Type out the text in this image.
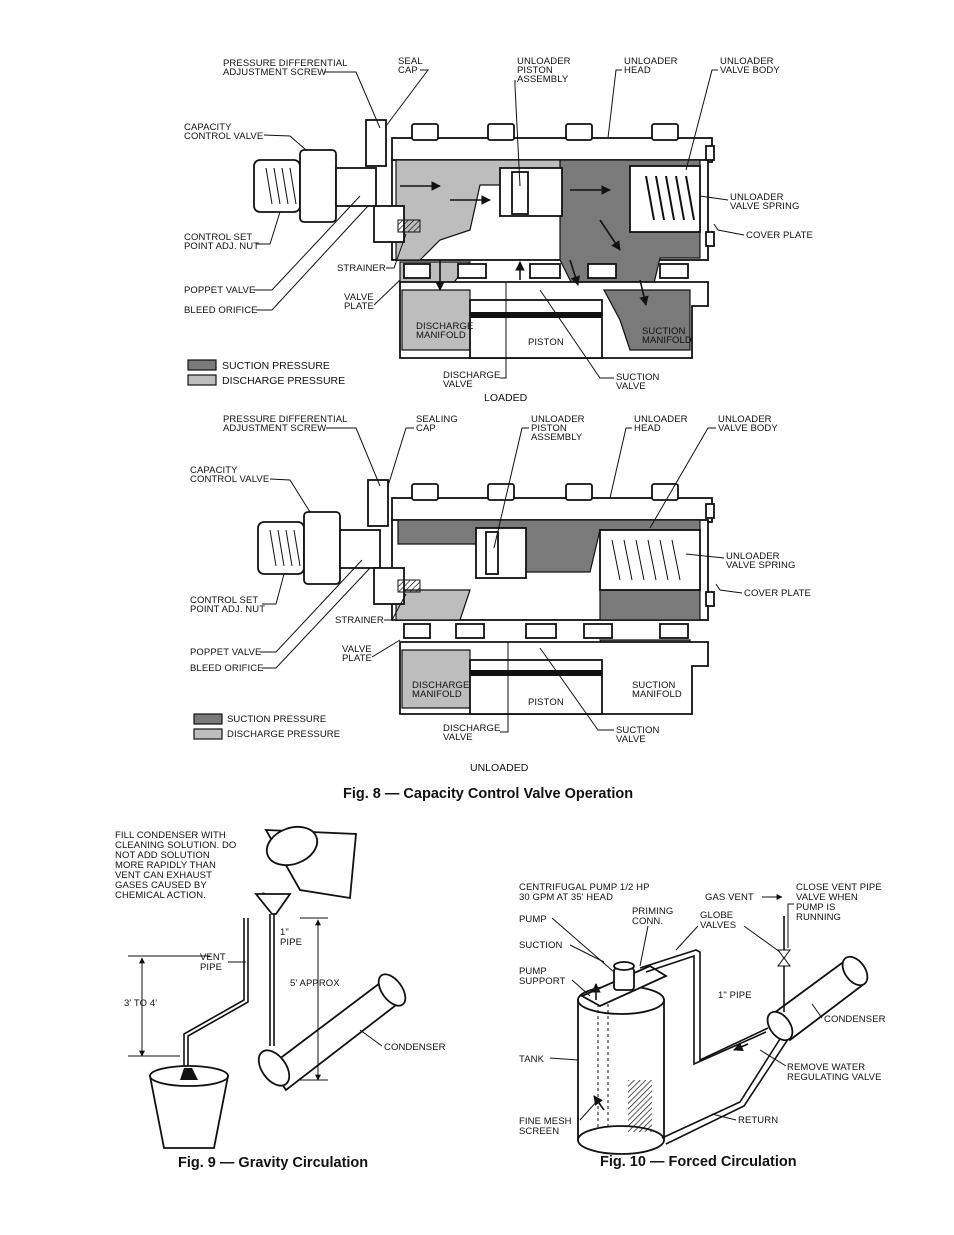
PRESSURE DIFFERENTIAL
ADJUSTMENT SCREW
SEAL
CAP
UNLOADER
PISTON
ASSEMBLY
UNLOADER
HEAD
UNLOADER
VALVE BODY
CAPACITY
CONTROL VALVE
UNLOADER
VALVE SPRING
COVER PLATE
CONTROL SET
POINT ADJ. NUT
STRAINER
POPPET VALVE
VALVE
PLATE
BLEED ORIFICE
DISCHARGE
MANIFOLD
PISTON
SUCTION
MANIFOLD
DISCHARGE
VALVE
SUCTION
VALVE
LOADED
SUCTION PRESSURE
DISCHARGE PRESSURE
PRESSURE DIFFERENTIAL
ADJUSTMENT SCREW
SEALING
CAP
UNLOADER
PISTON
ASSEMBLY
UNLOADER
HEAD
UNLOADER
VALVE BODY
CAPACITY
CONTROL VALVE
UNLOADER
VALVE SPRING
COVER PLATE
CONTROL SET
POINT ADJ. NUT
STRAINER
POPPET VALVE	VALVE
PLATE
BLEED ORIFICE
DISCHARGE
MANIFOLD
PISTON
SUCTION
MANIFOLD
DISCHARGE
VALVE
SUCTION
VALVE
UNLOADED
SUCTION PRESSURE
DISCHARGE PRESSURE
Fig. 8 — Capacity Control Valve Operation
FILL CONDENSER WITH
CLEANING SOLUTION. DO
NOT ADD SOLUTION
MORE RAPIDLY THAN
VENT CAN EXHAUST
GASES CAUSED BY
CHEMICAL ACTION.
1"
PIPE
VENT
PIPE
5' APPROX
3' TO 4'
CONDENSER
Fig. 9 — Gravity Circulation
CENTRIFUGAL PUMP 1/2 HP
30 GPM AT 35' HEAD	GAS VENT
CLOSE VENT PIPE
VALVE WHEN
PUMP IS
RUNNING
PRIMING
CONN.
GLOBE
VALVES
PUMP
SUCTION
PUMP
SUPPORT
1" PIPE
CONDENSER
TANK
REMOVE WATER
REGULATING VALVE
FINE MESH
SCREEN
RETURN
Fig. 10 — Forced Circulation
